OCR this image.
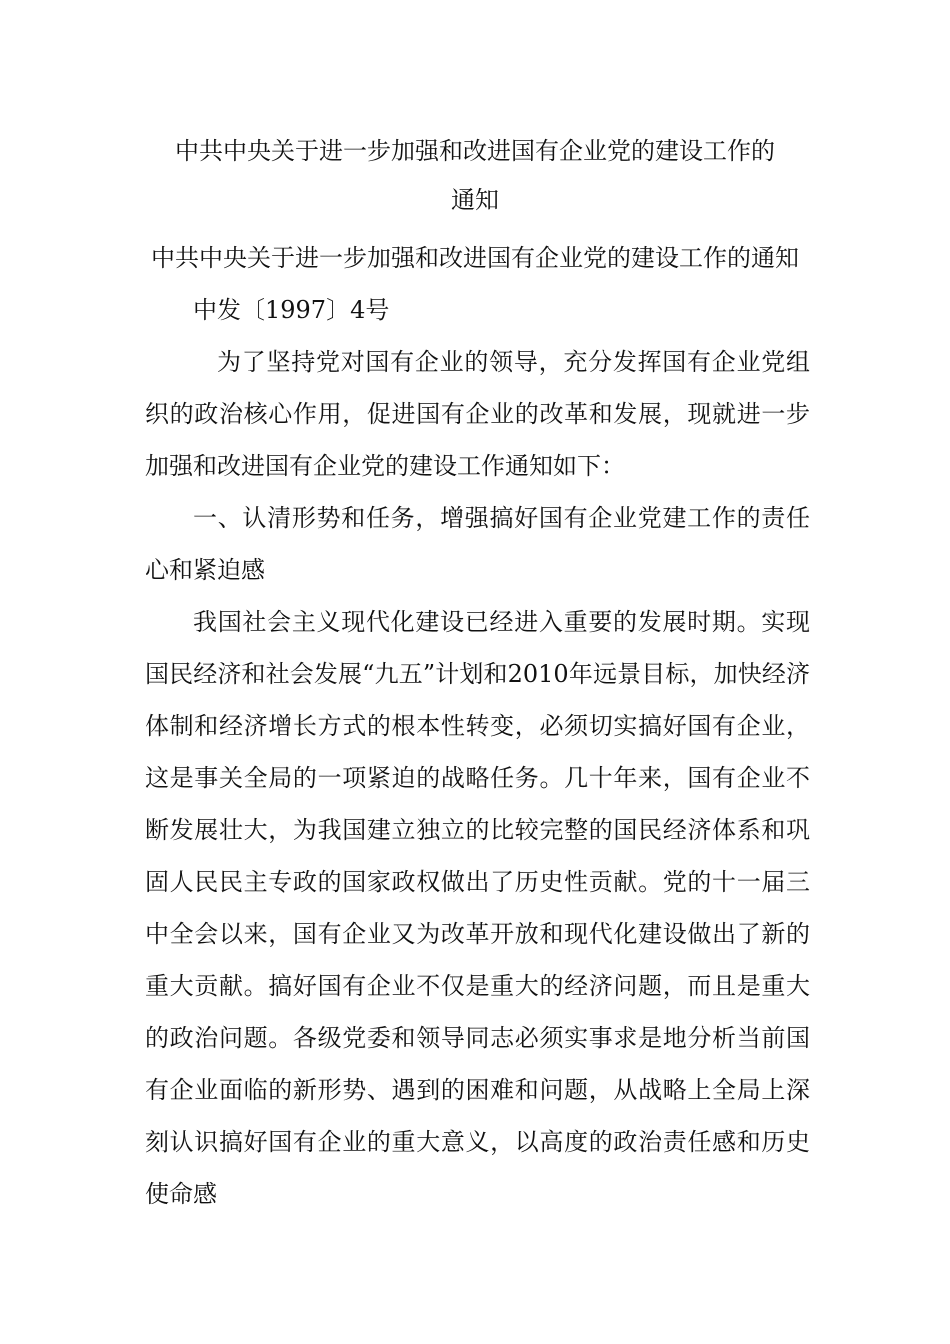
中共中央关于进一步加强和改进国有企业党的建设工作的
通知

中共中央关于进一步加强和改进国有企业党的建设工作的通知

中发〔1997〕4号

为了坚持党对国有企业的领导，充分发挥国有企业党组织的政治核心作用，促进国有企业的改革和发展，现就进一步加强和改进国有企业党的建设工作通知如下：

一、认清形势和任务，增强搞好国有企业党建工作的责任心和紧迫感

我国社会主义现代化建设已经进入重要的发展时期。实现国民经济和社会发展“九五”计划和2010年远景目标，加快经济体制和经济增长方式的根本性转变，必须切实搞好国有企业，这是事关全局的一项紧迫的战略任务。几十年来，国有企业不断发展壮大，为我国建立独立的比较完整的国民经济体系和巩固人民民主专政的国家政权做出了历史性贡献。党的十一届三中全会以来，国有企业又为改革开放和现代化建设做出了新的重大贡献。搞好国有企业不仅是重大的经济问题，而且是重大的政治问题。各级党委和领导同志必须实事求是地分析当前国有企业面临的新形势、遇到的困难和问题，从战略上全局上深刻认识搞好国有企业的重大意义，以高度的政治责任感和历史使命感
